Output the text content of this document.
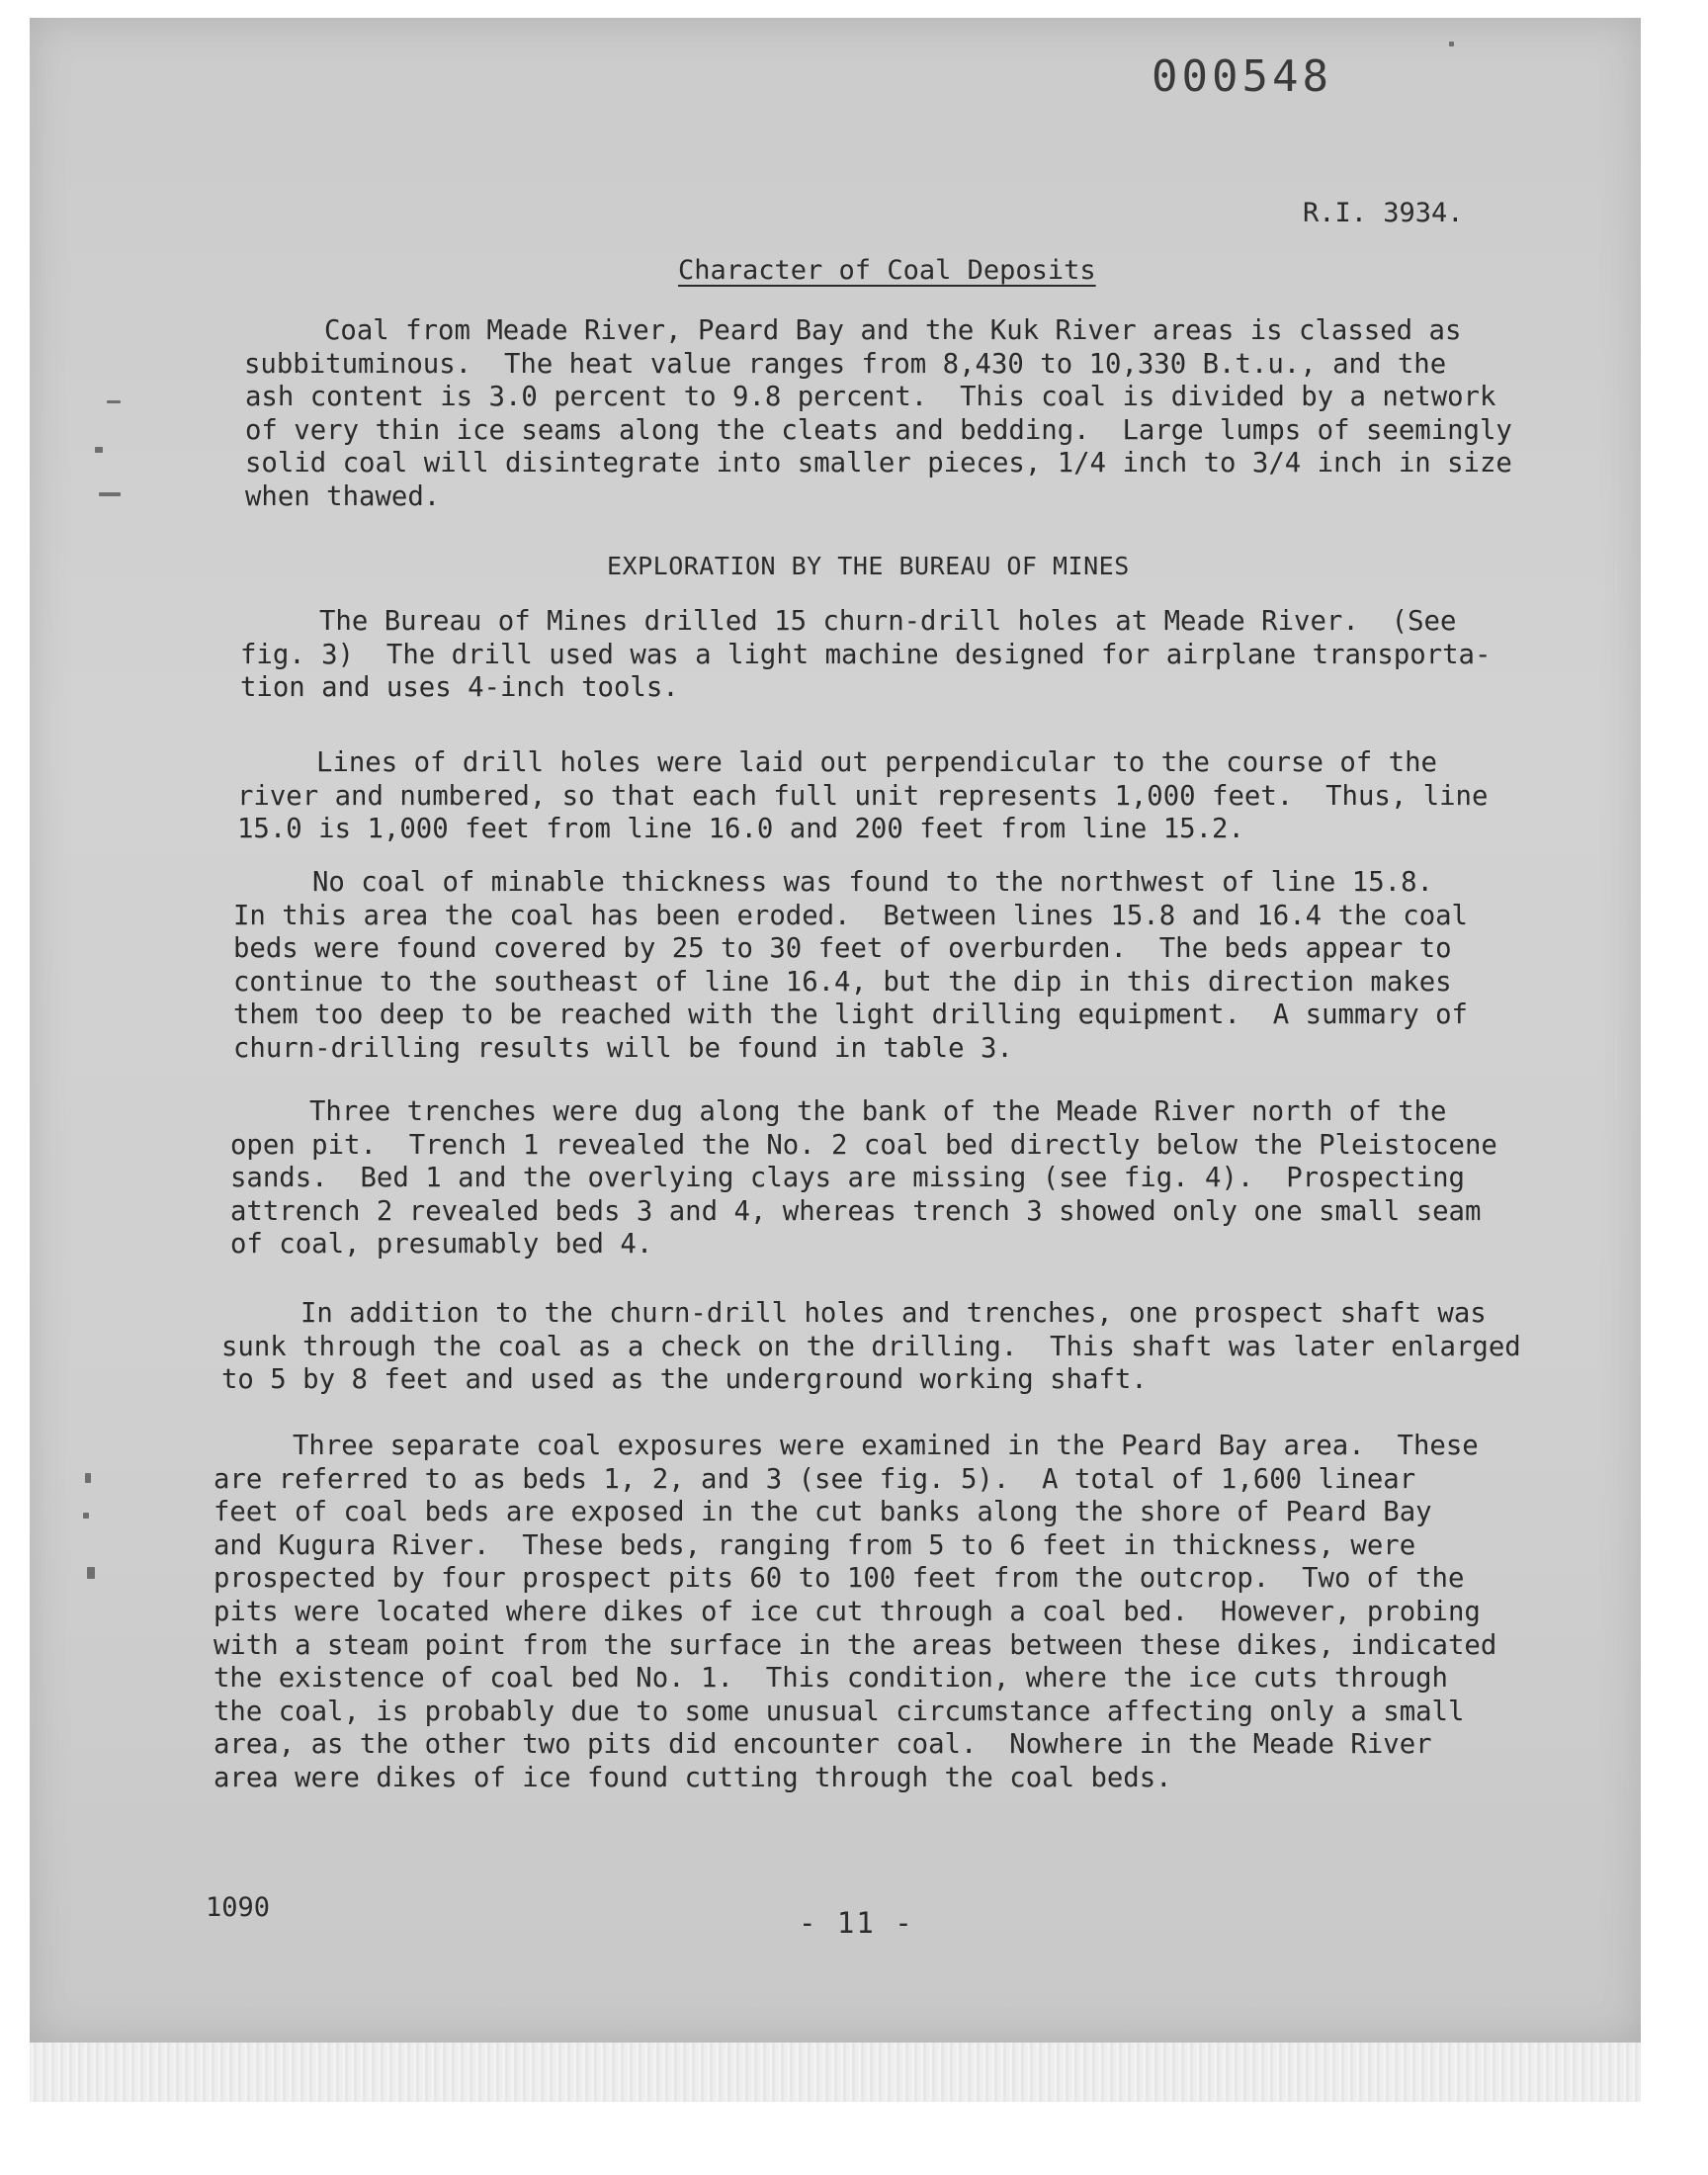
000548
R.I. 3934.
Character of Coal Deposits
Coal from Meade River, Peard Bay and the Kuk River areas is classed as
subbituminous.  The heat value ranges from 8,430 to 10,330 B.t.u., and the
ash content is 3.0 percent to 9.8 percent.  This coal is divided by a network
of very thin ice seams along the cleats and bedding.  Large lumps of seemingly
solid coal will disintegrate into smaller pieces, 1/4 inch to 3/4 inch in size
when thawed.
EXPLORATION BY THE BUREAU OF MINES
The Bureau of Mines drilled 15 churn-drill holes at Meade River.  (See
fig. 3)  The drill used was a light machine designed for airplane transporta-
tion and uses 4-inch tools.
Lines of drill holes were laid out perpendicular to the course of the
river and numbered, so that each full unit represents 1,000 feet.  Thus, line
15.0 is 1,000 feet from line 16.0 and 200 feet from line 15.2.
No coal of minable thickness was found to the northwest of line 15.8.
In this area the coal has been eroded.  Between lines 15.8 and 16.4 the coal
beds were found covered by 25 to 30 feet of overburden.  The beds appear to
continue to the southeast of line 16.4, but the dip in this direction makes
them too deep to be reached with the light drilling equipment.  A summary of
churn-drilling results will be found in table 3.
Three trenches were dug along the bank of the Meade River north of the
open pit.  Trench 1 revealed the No. 2 coal bed directly below the Pleistocene
sands.  Bed 1 and the overlying clays are missing (see fig. 4).  Prospecting
attrench 2 revealed beds 3 and 4, whereas trench 3 showed only one small seam
of coal, presumably bed 4.
In addition to the churn-drill holes and trenches, one prospect shaft was
sunk through the coal as a check on the drilling.  This shaft was later enlarged
to 5 by 8 feet and used as the underground working shaft.
Three separate coal exposures were examined in the Peard Bay area.  These
are referred to as beds 1, 2, and 3 (see fig. 5).  A total of 1,600 linear
feet of coal beds are exposed in the cut banks along the shore of Peard Bay
and Kugura River.  These beds, ranging from 5 to 6 feet in thickness, were
prospected by four prospect pits 60 to 100 feet from the outcrop.  Two of the
pits were located where dikes of ice cut through a coal bed.  However, probing
with a steam point from the surface in the areas between these dikes, indicated
the existence of coal bed No. 1.  This condition, where the ice cuts through
the coal, is probably due to some unusual circumstance affecting only a small
area, as the other two pits did encounter coal.  Nowhere in the Meade River
area were dikes of ice found cutting through the coal beds.
1090	- 11 -
